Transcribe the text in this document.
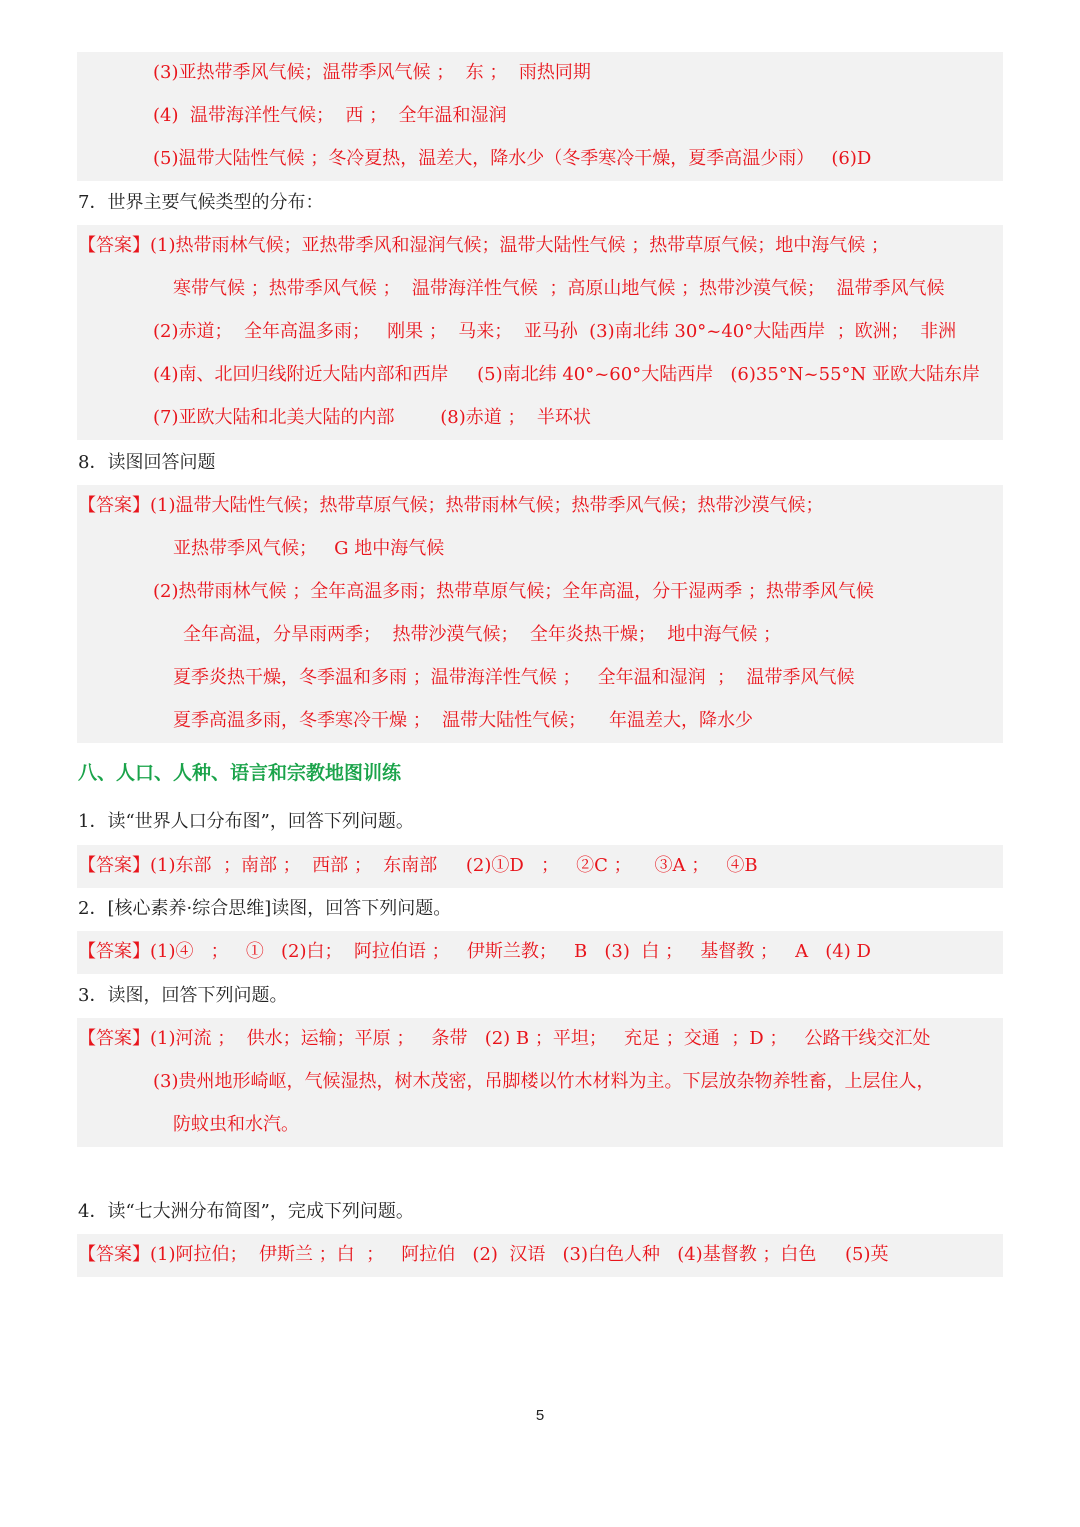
(3)亚热带季风气候；温带季风气候 ；  东 ；  雨热同期
(4)  温带海洋性气候；  西 ；  全年温和湿润
(5)温带大陆性气候 ；冬冷夏热，温差大，降水少（冬季寒冷干燥，夏季高温少雨）   (6)D
7．世界主要气候类型的分布：
【答案】(1)热带雨林气候；亚热带季风和湿润气候；温带大陆性气候 ；热带草原气候；地中海气候 ；
寒带气候 ；热带季风气候 ；  温带海洋性气候  ；高原山地气候 ；热带沙漠气候；  温带季风气候
(2)赤道；  全年高温多雨；   刚果 ；  马来；  亚马孙  (3)南北纬 30°~40°大陆西岸  ；欧洲；  非洲
(4)南、北回归线附近大陆内部和西岸     (5)南北纬 40°~60°大陆西岸   (6)35°N~55°N 亚欧大陆东岸
(7)亚欧大陆和北美大陆的内部        (8)赤道 ；  半环状
8．读图回答问题
【答案】(1)温带大陆性气候；热带草原气候；热带雨林气候；热带季风气候；热带沙漠气候；
亚热带季风气候；   G 地中海气候
(2)热带雨林气候 ；全年高温多雨；热带草原气候；全年高温，分干湿两季 ；热带季风气候
全年高温，分旱雨两季；  热带沙漠气候；  全年炎热干燥；  地中海气候 ；
夏季炎热干燥，冬季温和多雨 ；温带海洋性气候 ；   全年温和湿润  ；  温带季风气候
夏季高温多雨，冬季寒冷干燥 ；  温带大陆性气候；    年温差大，降水少
八、人口、人种、语言和宗教地图训练
1．读“世界人口分布图”，回答下列问题。
【答案】(1)东部  ；南部 ；  西部 ；  东南部     (2)①D   ；   ②C ；    ③A ；   ④B
2．[核心素养·综合思维]读图，回答下列问题。
【答案】(1)④   ；   ①   (2)白；  阿拉伯语 ；   伊斯兰教；   B   (3)  白 ；   基督教 ；   A   (4) D
3．读图，回答下列问题。
【答案】(1)河流 ；  供水；运输；平原 ；   条带   (2) B ；平坦；   充足 ；交通  ；D ；   公路干线交汇处
(3)贵州地形崎岖，气候湿热，树木茂密，吊脚楼以竹木材料为主。下层放杂物养牲畜，上层住人，
防蚊虫和水汽。
4．读“七大洲分布简图”，完成下列问题。
【答案】(1)阿拉伯；  伊斯兰 ；白  ；   阿拉伯   (2)  汉语   (3)白色人种   (4)基督教 ；白色     (5)英
5
